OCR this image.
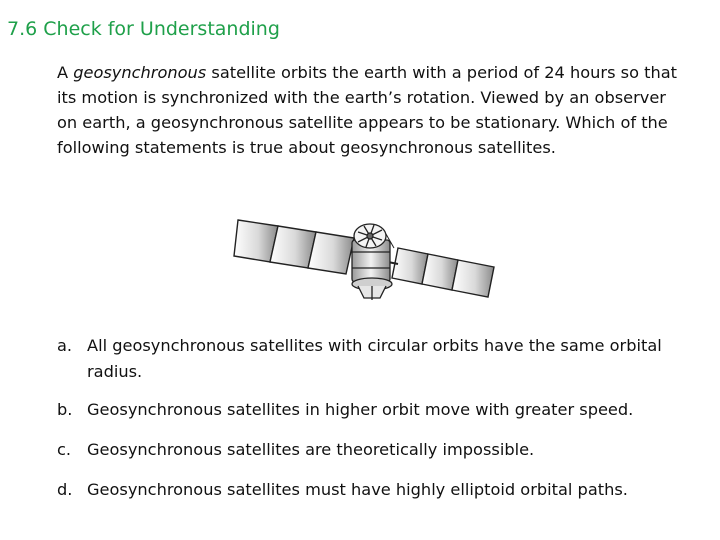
7.6 Check for Understanding
A geosynchronous satellite orbits the earth with a period of 24 hours so that its motion is synchronized with the earth’s rotation. Viewed by an observer on earth, a geosynchronous satellite appears to be stationary. Which of the following statements is true about geosynchronous satellites.
a. All geosynchronous satellites with circular orbits have the same orbital radius.
b. Geosynchronous satellites in higher orbit move with greater speed.
c. Geosynchronous satellites are theoretically impossible.
d. Geosynchronous satellites must have highly elliptoid orbital paths.
